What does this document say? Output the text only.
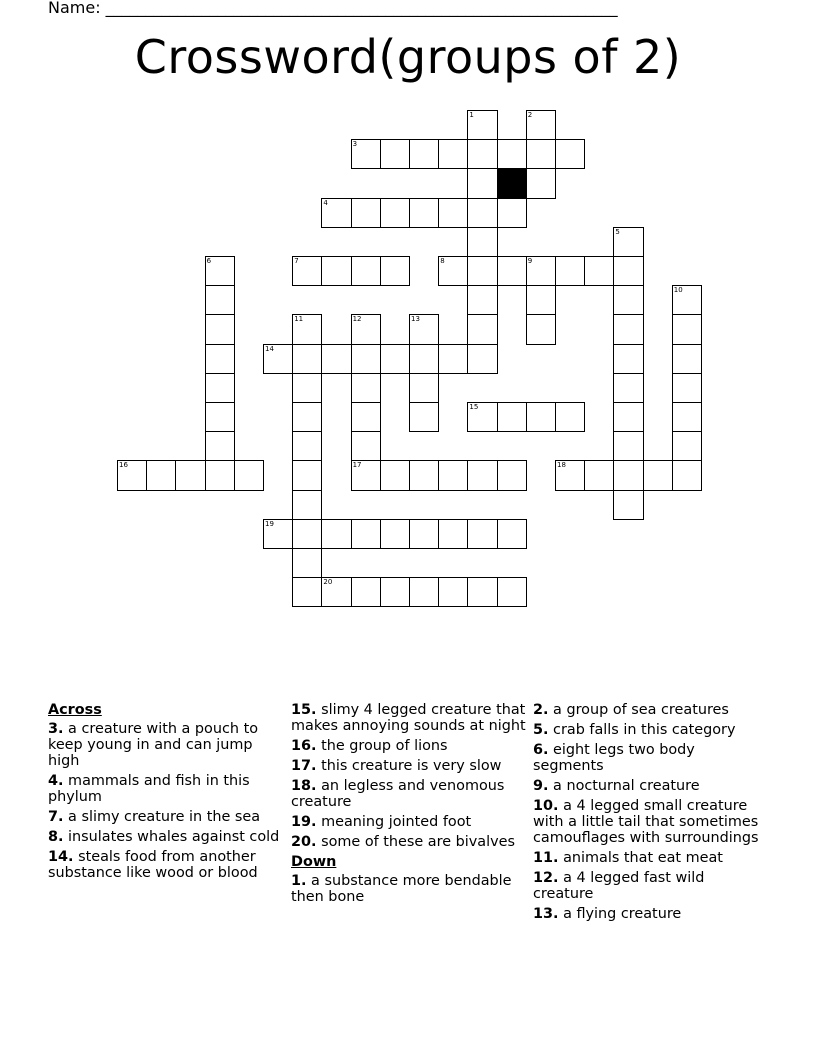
Name: ________________________________________________________________
Crossword(groups of 2)
1	2
3
4
5
6	7	8	9
10
11	12
17
13
14
15
16	18
19
20
Across
3. a creature with a pouch to keep young in and can jump high
4. mammals and fish in this phylum
7. a slimy creature in the sea
8. insulates whales against cold
14. steals food from another substance like wood or blood
15. slimy 4 legged creature that makes annoying sounds at night
16. the group of lions
17. this creature is very slow
18. an legless and venomous creature
19. meaning jointed foot
20. some of these are bivalves
Down
1. a substance more bendable then bone
2. a group of sea creatures
5. crab falls in this category
6. eight legs two body segments
9. a nocturnal creature
10. a 4 legged small creature with a little tail that sometimes camouflages with surroundings
11. animals that eat meat
12. a 4 legged fast wild creature
13. a flying creature
